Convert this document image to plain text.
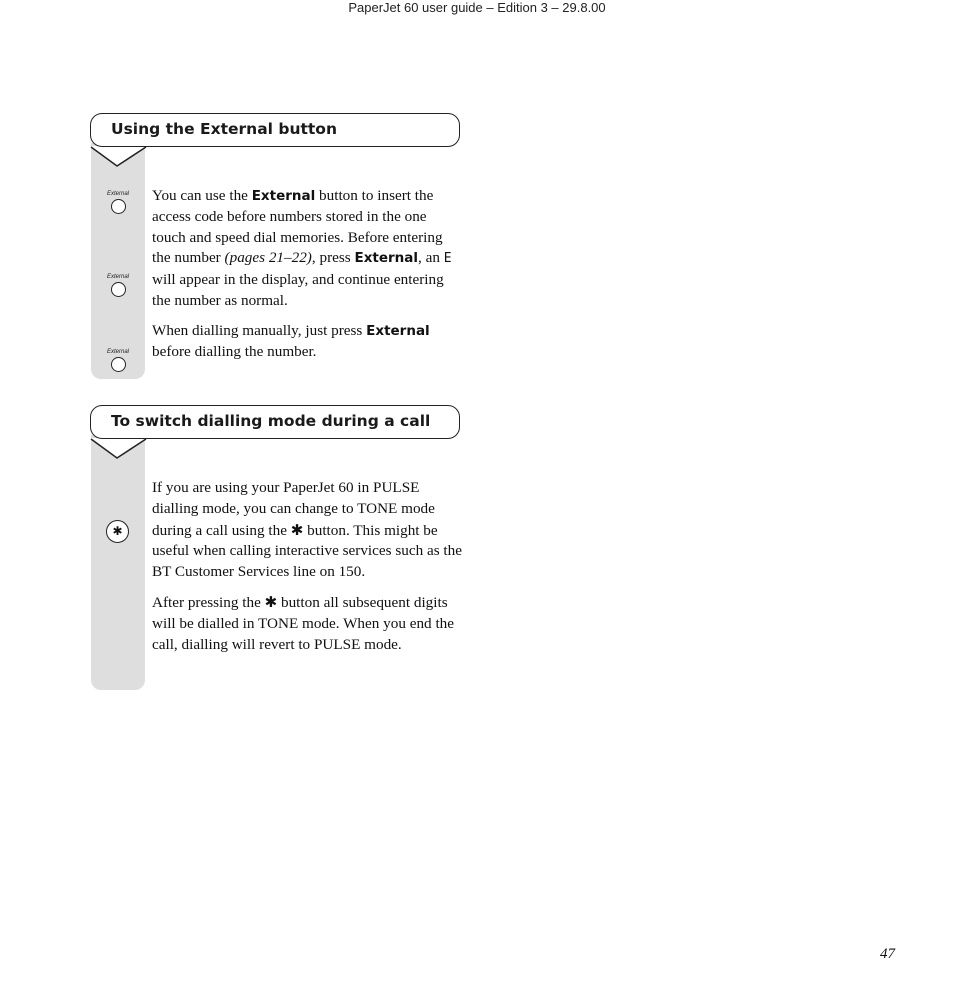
PaperJet 60 user guide – Edition 3 – 29.8.00
Using the External button
External
External
External

You can use the External button to insert the access code before numbers stored in the one touch and speed dial memories. Before entering the number (pages 21–22), press External, an E will appear in the display, and continue entering the number as normal.

When dialling manually, just press External before dialling the number.

To switch dialling mode during a call
✱

If you are using your PaperJet 60 in PULSE dialling mode, you can change to TONE mode during a call using the ✱ button. This might be useful when calling interactive services such as the BT Customer Services line on 150.

After pressing the ✱ button all subsequent digits will be dialled in TONE mode. When you end the call, dialling will revert to PULSE mode.

47
